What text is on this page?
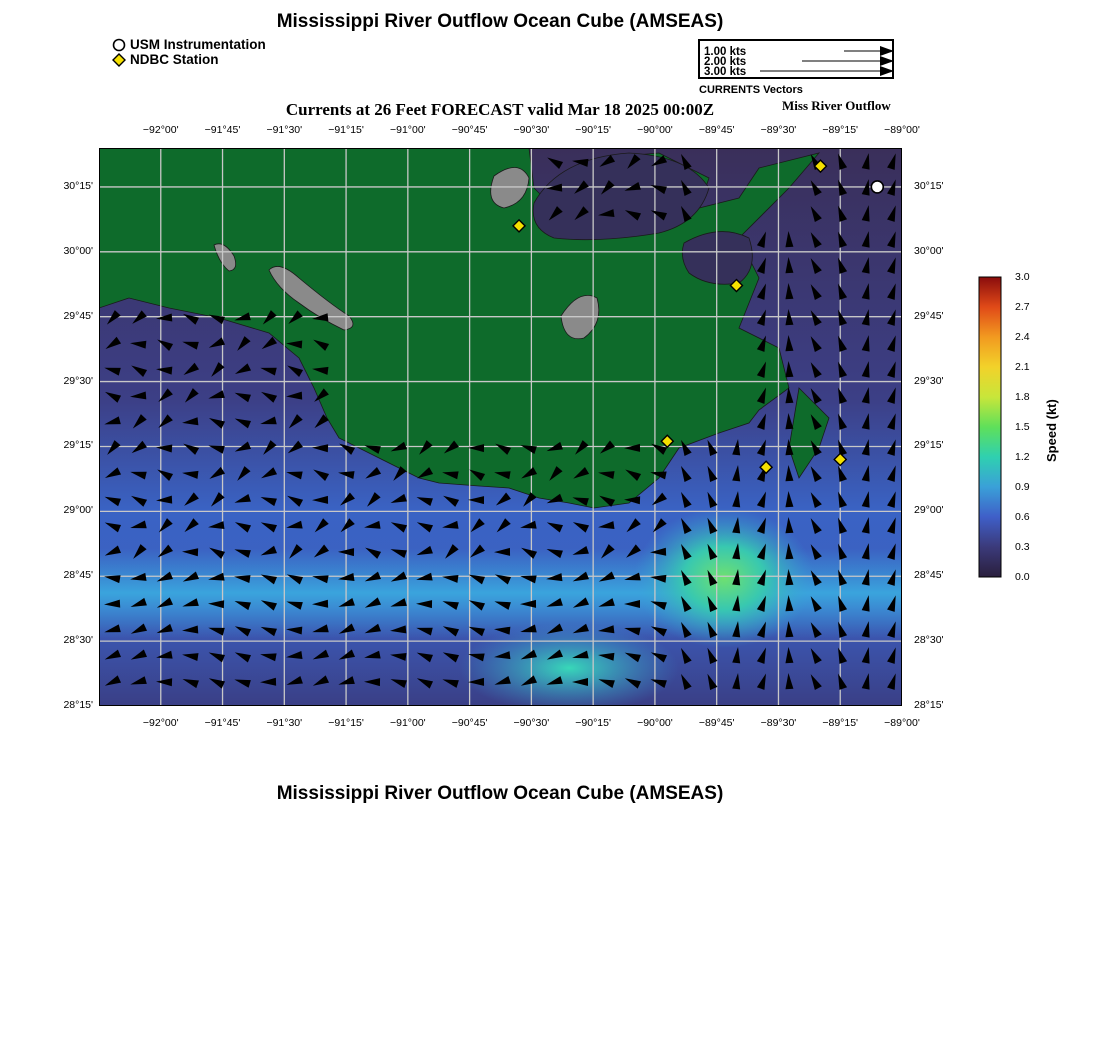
Mississippi River Outflow Ocean Cube (AMSEAS)
USM Instrumentation
NDBC Station	1.00 kts
2.00 kts
3.00 kts
CURRENTS Vectors
Currents at 26 Feet FORECAST valid Mar 18 2025 00:00Z	Miss River Outflow
−92°00'
−92°00'
−91°45'
−91°45'
−91°30'
−91°30'
−91°15'
−91°15'
−91°00'
−91°00'
−90°45'
−90°45'
−90°30'
−90°30'
−90°15'
−90°15'
−90°00'
−90°00'
−89°45'
−89°45'
−89°30'
−89°30'
−89°15'
−89°15'
−89°00'
−89°00'
30°15'	30°15'
30°00'	30°00'
29°45'	29°45'
29°30'	29°30'
29°15'	29°15'
29°00'	29°00'
28°45'	28°45'
28°30'	28°30'
28°15'	28°15'
3.0
2.7
2.4
2.1
1.8
1.5
1.2
0.9
0.6
0.3
0.0
Speed (kt)
Mississippi River Outflow Ocean Cube (AMSEAS)
